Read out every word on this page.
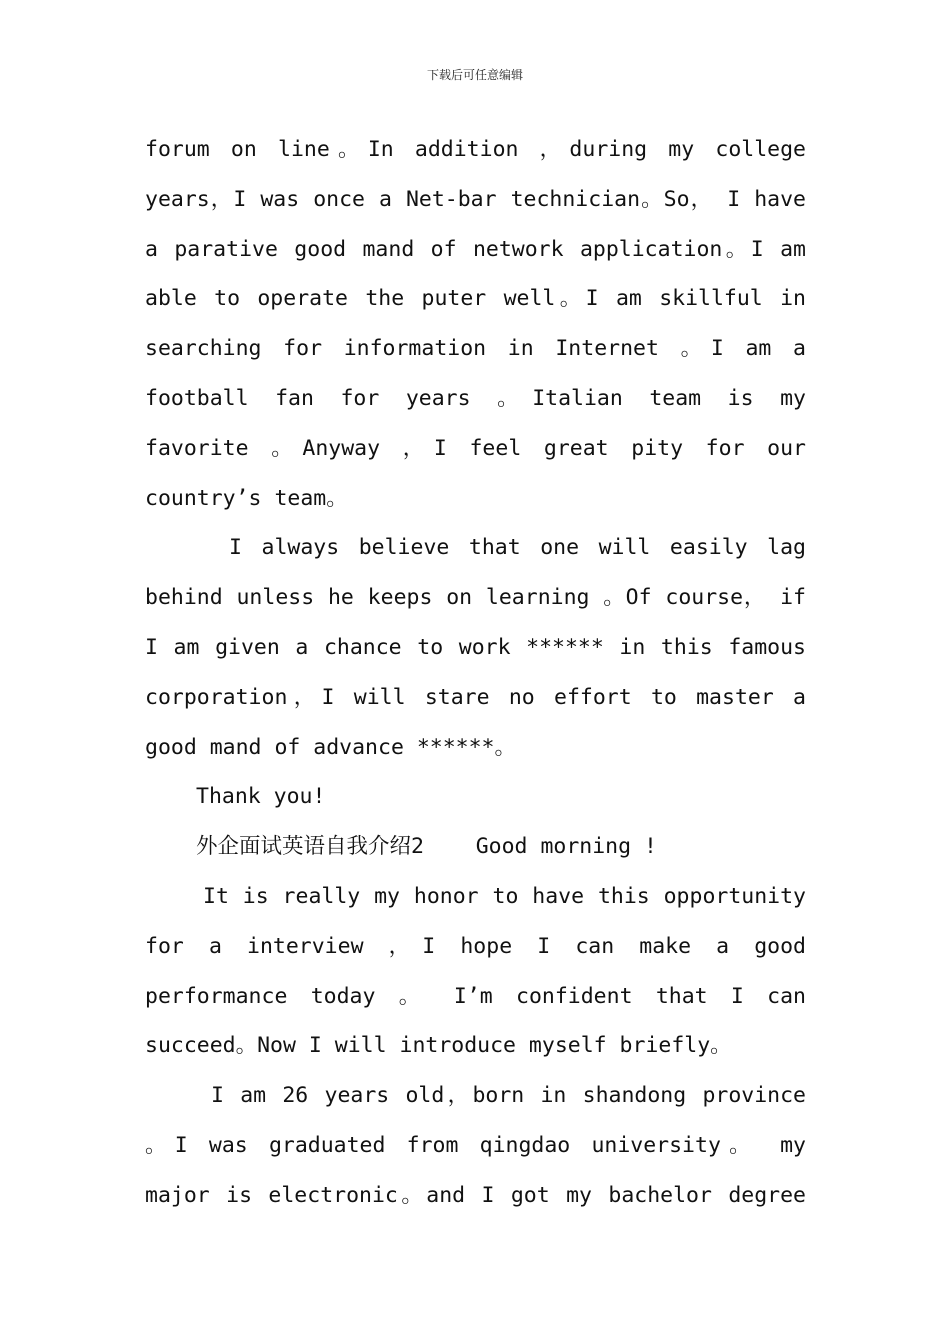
下载后可任意编辑
forum on line。In addition ，during my college
years，I was once a Net-bar technician。So， I have
a parative good mand of network application。I am
able to operate the puter well。I am skillful in
searching for information in Internet 。I am a
football fan for years 。Italian team is my
favorite 。Anyway ，I feel great pity for our
country’s team。
I always believe that one will easily lag
behind unless he keeps on learning 。Of course， if
I am given a chance to work ****** in this famous
corporation，I will stare no effort to master a
good mand of advance ******。
Thank you!
外企面试英语自我介绍2    Good morning !
It is really my honor to have this opportunity
for a interview ，I hope I can make a good
performance today 。 I’m confident that I can
succeed。Now I will introduce myself briefly。
I am 26 years old，born in shandong province
。I was graduated from qingdao university。 my
major is electronic。and I got my bachelor degree
